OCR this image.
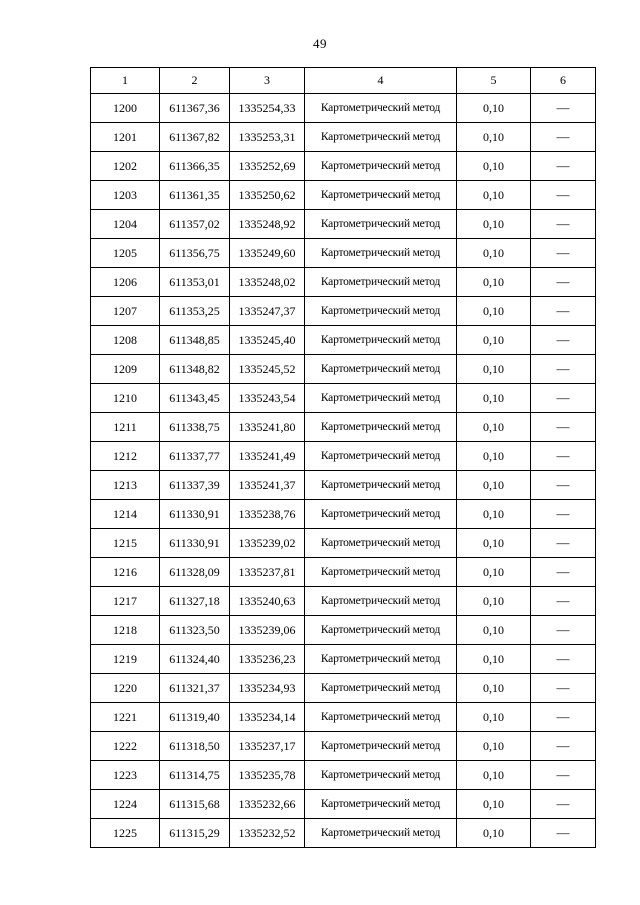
49
1	2	3	4	5	6
1200	611367,36	1335254,33	Картометрический метод	0,10	—
1201	611367,82	1335253,31	Картометрический метод	0,10	—
1202	611366,35	1335252,69	Картометрический метод	0,10	—
1203	611361,35	1335250,62	Картометрический метод	0,10	—
1204	611357,02	1335248,92	Картометрический метод	0,10	—
1205	611356,75	1335249,60	Картометрический метод	0,10	—
1206	611353,01	1335248,02	Картометрический метод	0,10	—
1207	611353,25	1335247,37	Картометрический метод	0,10	—
1208	611348,85	1335245,40	Картометрический метод	0,10	—
1209	611348,82	1335245,52	Картометрический метод	0,10	—
1210	611343,45	1335243,54	Картометрический метод	0,10	—
1211	611338,75	1335241,80	Картометрический метод	0,10	—
1212	611337,77	1335241,49	Картометрический метод	0,10	—
1213	611337,39	1335241,37	Картометрический метод	0,10	—
1214	611330,91	1335238,76	Картометрический метод	0,10	—
1215	611330,91	1335239,02	Картометрический метод	0,10	—
1216	611328,09	1335237,81	Картометрический метод	0,10	—
1217	611327,18	1335240,63	Картометрический метод	0,10	—
1218	611323,50	1335239,06	Картометрический метод	0,10	—
1219	611324,40	1335236,23	Картометрический метод	0,10	—
1220	611321,37	1335234,93	Картометрический метод	0,10	—
1221	611319,40	1335234,14	Картометрический метод	0,10	—
1222	611318,50	1335237,17	Картометрический метод	0,10	—
1223	611314,75	1335235,78	Картометрический метод	0,10	—
1224	611315,68	1335232,66	Картометрический метод	0,10	—
1225	611315,29	1335232,52	Картометрический метод	0,10	—
